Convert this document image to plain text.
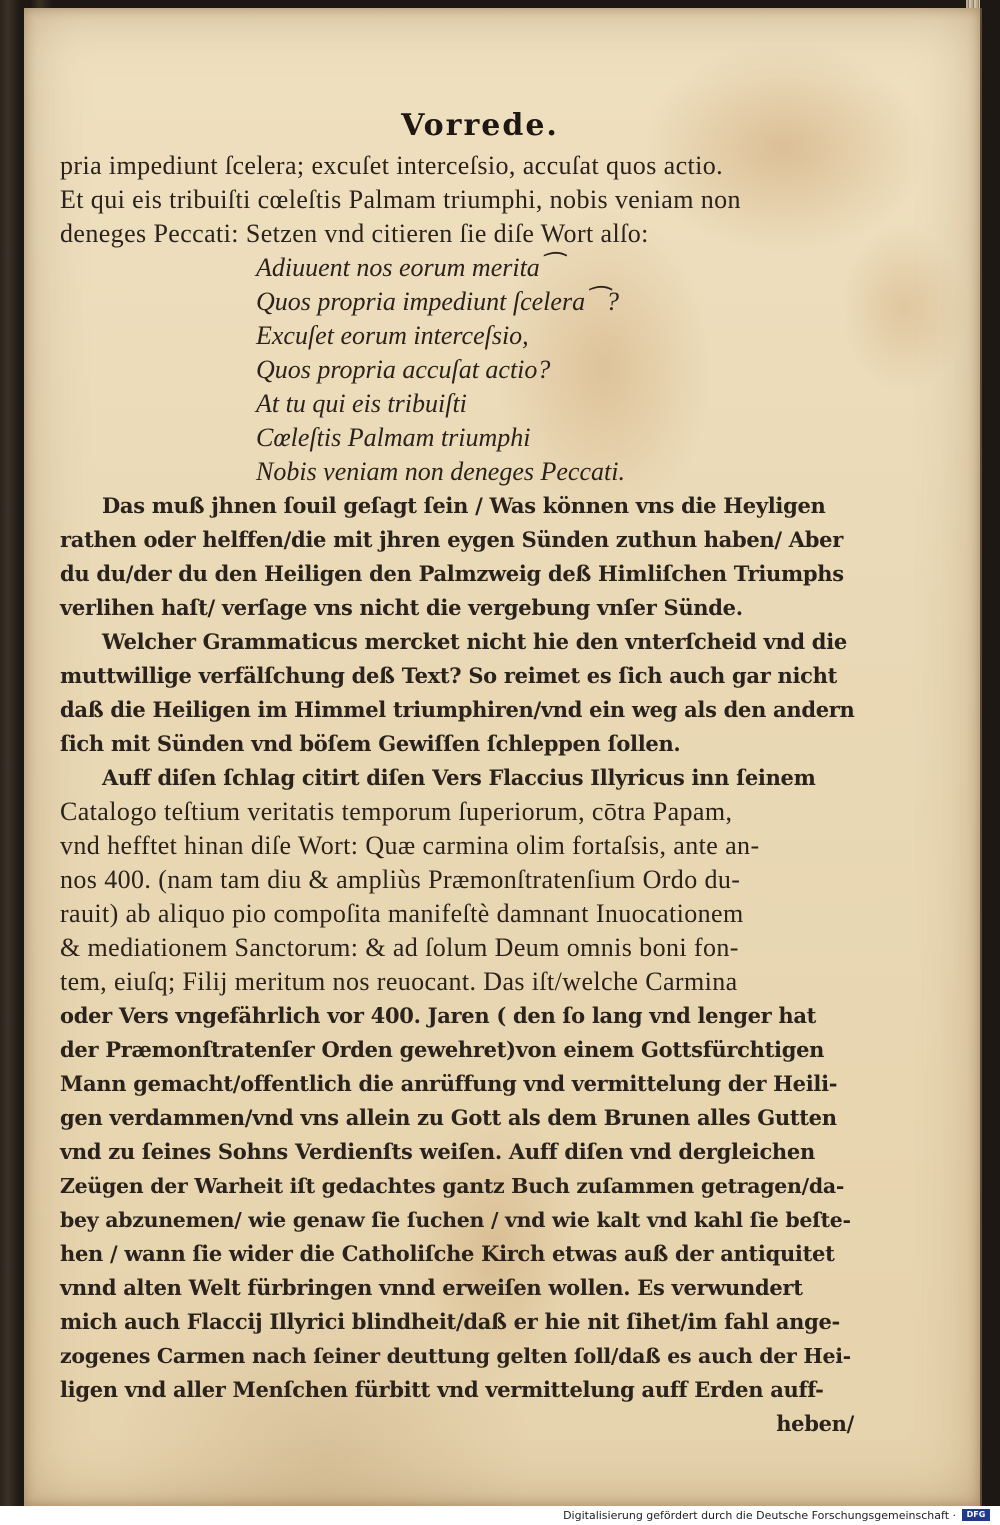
Vorrede.
pria impediunt ſcelera; excuſet interceſsio, accuſat quos actio.
Et qui eis tribuiſti cœleſtis Palmam triumphi, nobis veniam non
deneges Peccati: Setzen vnd citieren ſie diſe Wort alſo:
Adiuuent nos eorum merita⁀
Quos propria impediunt ſcelera⁀?
Excuſet eorum interceſsio,
Quos propria accuſat actio?
At tu qui eis tribuiſti
Cœleſtis Palmam triumphi
Nobis veniam non deneges Peccati.
Das muß jhnen ſouil geſagt ſein / Was können vns die Heyligen
rathen oder helffen/die mit jhren eygen Sünden zuthun haben/ Aber
du du/der du den Heiligen den Palmzweig deß Himliſchen Triumphs
verlihen haſt/ verſage vns nicht die vergebung vnſer Sünde.
Welcher Grammaticus mercket nicht hie den vnterſcheid vnd die
muttwillige verfälſchung deß Text? So reimet es ſich auch gar nicht
daß die Heiligen im Himmel triumphiren/vnd ein weg als den andern
ſich mit Sünden vnd böſem Gewiſſen ſchleppen ſollen.
Auff diſen ſchlag citirt diſen Vers Flaccius Illyricus inn ſeinem
Catalogo teſtium veritatis temporum ſuperiorum, cōtra Papam,
vnd hefftet hinan diſe Wort: Quæ carmina olim fortaſsis, ante an-
nos 400. (nam tam diu & ampliùs Præmonſtratenſium Ordo du-
rauit) ab aliquo pio compoſita manifeſtè damnant Inuocationem
& mediationem Sanctorum: & ad ſolum Deum omnis boni fon-
tem, eiuſq; Filij meritum nos reuocant. Das iſt/welche Carmina
oder Vers vngefährlich vor 400. Jaren ( den ſo lang vnd lenger hat
der Præmonſtratenſer Orden gewehret)von einem Gottsfürchtigen
Mann gemacht/offentlich die anrüffung vnd vermittelung der Heili-
gen verdammen/vnd vns allein zu Gott als dem Brunen alles Gutten
vnd zu ſeines Sohns Verdienſts weiſen. Auff diſen vnd dergleichen
Zeügen der Warheit iſt gedachtes gantz Buch zuſammen getragen/da-
bey abzunemen/ wie genaw ſie ſuchen / vnd wie kalt vnd kahl ſie beſte-
hen / wann ſie wider die Catholiſche Kirch etwas auß der antiquitet
vnnd alten Welt fürbringen vnnd erweiſen wollen. Es verwundert
mich auch Flaccij Illyrici blindheit/daß er hie nit ſihet/im fahl ange-
zogenes Carmen nach ſeiner deuttung gelten ſoll/daß es auch der Hei-
ligen vnd aller Menſchen fürbitt vnd vermittelung auff Erden auff-
heben/
Digitalisierung gefördert durch die Deutsche Forschungsgemeinschaft ·	DFG
